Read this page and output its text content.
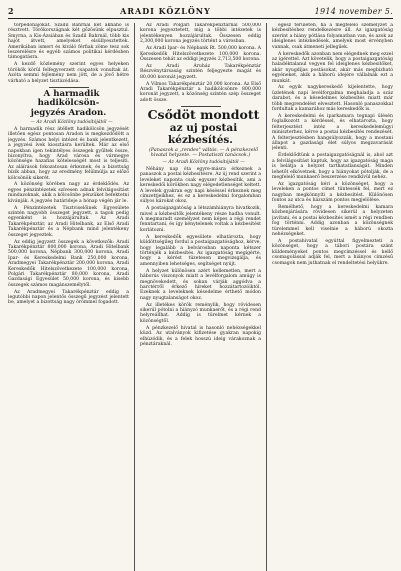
2	ARADI KÖZLÖNY	1914 november 5.

torpedóhajókat. Szadil Bahrnál két aknahó is résztvett. Törökországnak két gőzösünk elpusztul. Smyrna, a Kis-Ázsiában és Szadil Bahrnál, több kis hajót átvett, amelyeket elsüllyesztettek. Amerikában ismert és kiváló férfiak zöme tesz sok leszerelésre és egyéb számos politikai kérdésben támogatásra.

A kezdő közlemény szerint egyes helyeken törökök körül felfegyverzett csapatok vonultak át. Azóta semmi fejlemény nem jött, de a jövő hétre várható a helyzet tisztázódása.

A harmadik hadikölcsön-
jegyzés Aradon.

— Az Aradi Közlöny tudósítójától —

A harmadik rész átéllett hadikölcsön jegyzését illetően egész pontosan Aradon is megkezdődött a jegyzés. Számos helyi intézet és bank jelentkezett, a jegyzési ívek kiosztásra kerültek. Már az első napokban igen tekintélyes összegek gyűltek össze, bizonyítva, hogy Arad városa és vármegye közönsége hazafias kötelességét most is teljesíti. Az aláírások fokozatosan érkeznek, és a bizottság bízik abban, hogy az eredmény felülmúlja az előző kölcsönök sikerét.

A közönség körében nagy az érdeklődés. Az egyes pénzintézetek szívesen adnak felvilágosítást mindazoknak, akik a kölcsönbe pénzüket befektetni kívánják. A jegyzés határideje a hónap végén jár le.

A Pénzintézetek Tisztviselőinek Egyesülete szintén nagyobb összeget jegyzett, a tagok pedig egyenként is hozzájárultak. Az Aradi Takarékpénztár, az Aradi Hitelbank, az Első Aradi Takarékpénztár és a Népbank mind jelentékeny összeget jegyeztek.

Az eddig jegyzett összegek a következők: Aradi Takarékpénztár 800,000 korona, Aradi Hitelbank 500,000 korona, Népbank 300,000 korona, Aradi Ipar- és Kereskedelmi Bank 250,000 korona, Aradmegyei Takarékpénztár 200,000 korona, Aradi Kereskedők Hitelszövetkezete 100,000 korona, Polgári Takarékpénztár 80,000 korona, Aradi Gazdasági Egyesület 50,000 korona, és kisebb összegek számos magánszemélytől.

Az Aradmegyei Takarékpénztár eddig a legutóbbi napon jelentős összegű jegyzést jelentett be, amelyet a bizottság nagy örömmel fogadott.

Az Aradi Polgári Takarékpénztárnál 500,000 korona jegyeztetett, míg a többi intézetek is jelentékenyen hozzájárultak. Összesen eddig 2,300,000 korona jegyzés történt a városban.

Az Aradi Ipar- és Népbank Rt. 500,000 korona. A Kereskedők Hitelszövetkezete 100,000 korona. Összesen tehát az eddigi jegyzés 2,713,500 korona.

Az Aradi Áruház Takarékpénztár Részvénytársaság szintén feljegyezte magát és 80,000 koronát jegyzett.

A Vilmos Takarékpénztár 20,000 korona. Az Első Aradi Takarékpénztár a hadikölcsönre 800,000 koronát jegyzett, a közönség szintén szép összeget adott össze.

Csődöt mondott

az uj postai kézbesítés.

(Panaszok a „rendes" váltás. — A pénzkezelő hivatal helyzete. — Postatiszti tanácsok.)

— Az Aradi Közlöny tudósítójától —

Néhány nap óta egyre-másra érkeznek a panaszok a postai kézbesítésre. Az új rend szerint a leveleket naponta csak egyszer kézbesítik, ami a kereskedői körökben nagy elégedetlenséget keltett. A levelek gyakran egy napi késéssel érkeznek meg címzettjeikhez, és ez a kereskedelmi forgalomban súlyos károkat okoz.

A postaigazgatóság a létszámhiányra hivatkozik, mivel a kézbesítők jelentékeny része hadba vonult. A megmaradt személyzet nem képes a régi rendet fenntartani, és így kénytelenek voltak a kézbesítést korlátozni.

A kereskedők egyesülete elhatározta, hogy küldöttségileg fordul a postaigazgatósághoz, kérve, hogy legalább a belvárosban naponta kétszer történjék a kézbesítés. Az igazgatóság megígérte, hogy a kérést tüzetesen megvizsgálja, és amennyiben lehetséges, segítséget nyújt.

A helyzet különösen azért kellemetlen, mert a háborús viszonyok miatt a levélforgalom amúgy is megnövekedett, és sokan várják aggódva a harctérről érkező híreket hozzátartozóiktól. Ezeknek a leveleknek késedelme érthető módon nagy nyugtalanságot okoz.

Az illetékes körök reménylik, hogy rövidesen sikerül pótolni a hiányzó munkaerőt, és a régi rend helyreállhat. Addig is türelmet kérnek a közönségtől.

A pénzkezelő hivatal is hasonló nehézségekkel küzd. Az utalványok kifizetése gyakran napokig elhúzódik, és a felek hosszú ideig várakoznak a pénztáraknál.

egész területén, ha a megfelelő személyzet a kézbesítéshez rendelkezésre áll. Az igazgatóság szerint a hiány pótlása folyamatban van, és azok az ideiglenes intézkedések, amelyek most érvényben vannak, csak átmeneti jellegűek.

A kereskedők azonban nem elégednek meg ezzel az ígérettel. Azt követelik, hogy a postaigazgatóság haladéktalanul vegyen fel ideiglenes kézbesítőket, akár nyugdíjas postásokat, akár más megbízható egyéneket, akik a háború idejére vállalnák ezt a munkát.

Az egyik nagykereskedő kijelentette, hogy üzletének napi levélforgalma meghaladja a száz darabot, és a késedelmes kézbesítés miatt már több megrendelést elvesztett. Hasonló panaszokkal fordultak a kamarához más kereskedők is.

A kereskedelmi és iparkamara tegnapi ülésén foglalkozott a kérdéssel, és elhatározta, hogy felterjesztést intéz a kereskedelemügyi miniszterhez, kérve a postai kézbesítés rendezését. A felterjesztésben hangsúlyozzák, hogy a mostani állapot a gazdasági élet súlyos megzavarását jelenti.

Érdeklődtünk a postaigazgatóságnál is, ahol azt a felvilágosítást kaptuk, hogy az igazgatóság maga is belátja a helyzet tarthatatlanságát. Minden lehetőt elkövetnek, hogy a hiányokat pótolják, de a megfelelő munkaerő beszerzése rendkívül nehéz.

Az igazgatóság kéri a közönséget, hogy a leveleken a pontos címet tüntessék fel, mert ez nagyban megkönnyíti a kézbesítést. Különösen fontos az utca és házszám pontos megjelölése.

Remélhető, hogy a kereskedelmi kamara közbenjárására rövidesen sikerül a helyzeten javítani, és a postai kézbesítés ismét a régi rendben fog történni. Addig azonban a közönségnek türelemmel kell viselnie a háború okozta nehézségeket.

A postahivatal egyúttal figyelmezteti a közönséget, hogy a tábori postára szánt küldeményeket pontos megcímzéssel és kellő csomagolással adják fel, mert a hiányos címzésű csomagok nem juthatnak el rendeltetési helyükre.
